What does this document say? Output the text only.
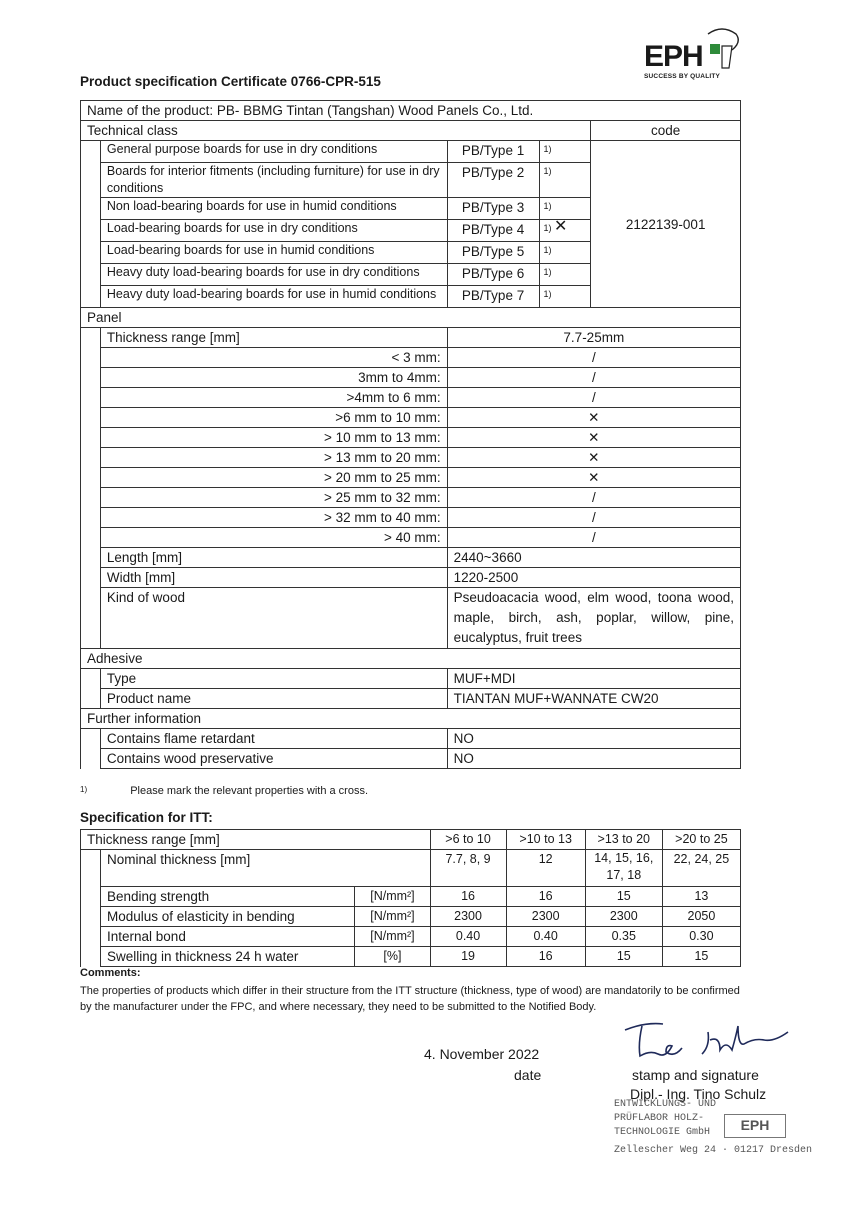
Product specification Certificate 0766-CPR-515
EPH
SUCCESS BY QUALITY
Name of the product: PB- BBMG Tintan (Tangshan) Wood Panels Co., Ltd.				
Technical class				code
	General purpose boards for use in dry conditions	PB/Type 1	1)	2122139-001
	Boards for interior fitments (including furniture) for use in dry conditions	PB/Type 2	1)	
	Non load-bearing boards for use in humid conditions	PB/Type 3	1)	
	Load-bearing boards for use in dry conditions	PB/Type 4	1) ✕	
	Load-bearing boards for use in humid conditions	PB/Type 5	1)	
	Heavy duty load-bearing boards for use in dry conditions	PB/Type 6	1)	
	Heavy duty load-bearing boards for use in humid conditions	PB/Type 7	1)	
Panel				
	Thickness range [mm]	7.7-25mm		
	< 3 mm:	/		
	3mm to 4mm:	/		
	>4mm to 6 mm:	/		
	>6 mm to 10 mm:	✕		
	> 10 mm to 13 mm:	✕		
	> 13 mm to 20 mm:	✕		
	> 20 mm to 25 mm:	✕		
	> 25 mm to 32 mm:	/		
	> 32 mm to 40 mm:	/		
	> 40 mm:	/		
	Length [mm]	2440~3660		
	Width [mm]	1220-2500		
	Kind of wood	Pseudoacacia wood, elm wood, toona wood, maple, birch, ash, poplar, willow, pine, eucalyptus, fruit trees		
Adhesive				
	Type	MUF+MDI		
	Product name	TIANTAN MUF+WANNATE CW20		
Further information				
	Contains flame retardant	NO		
	Contains wood preservative	NO		
$^{1)}$	Please mark the relevant properties with a cross.
Specification for ITT:
Thickness range [mm]			>6 to 10	>10 to 13	>13 to 20	>20 to 25
	Nominal thickness [mm]		7.7, 8, 9	12	14, 15, 16, 17, 18	22, 24, 25
	Bending strength	[N/mm²]	16	16	15	13
	Modulus of elasticity in bending	[N/mm²]	2300	2300	2300	2050
	Internal bond	[N/mm²]	0.40	0.40	0.35	0.30
	Swelling in thickness 24 h water	[%]	19	16	15	15
Comments:
The properties of products which differ in their structure from the ITT structure (thickness, type of wood) are mandatorily to be confirmed by the manufacturer under the FPC, and where necessary, they need to be submitted to the Notified Body.
4. November 2022
date	stamp and signature
Dipl.- Ing. Tino Schulz
ENTWICKLUNGS- UND
PRÜFLABOR HOLZ-
TECHNOLOGIE GmbH
Zellescher Weg 24 · 01217 Dresden
EPH
